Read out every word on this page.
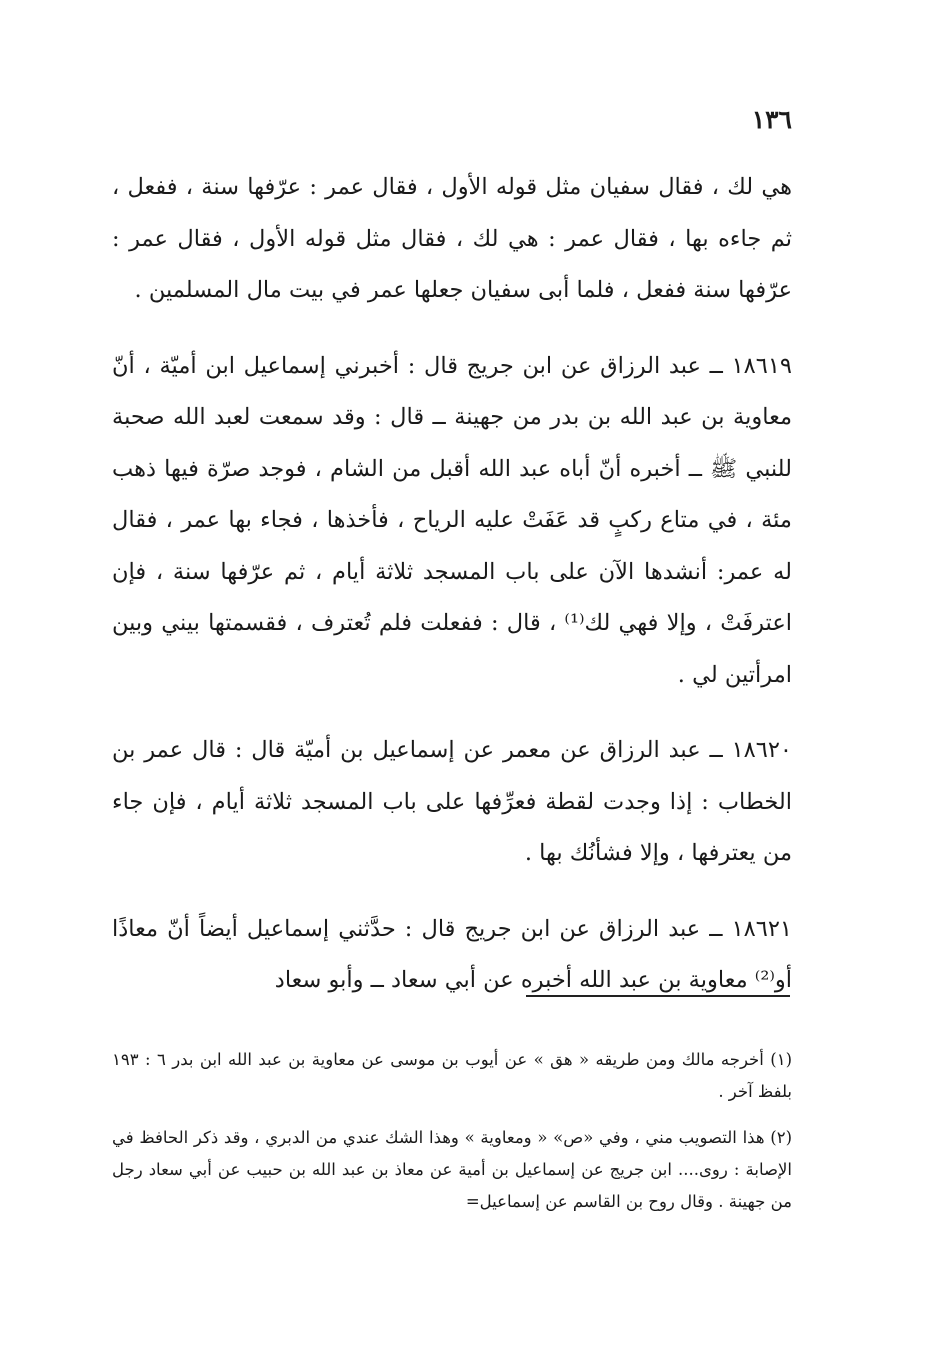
١٣٦

هي لك ، فقال سفيان مثل قوله الأول ، فقال عمر : عرّفها سنة ، ففعل ، ثم جاءه بها ، فقال عمر : هي لك ، فقال مثل قوله الأول ، فقال عمر : عرّفها سنة ففعل ، فلما أبى سفيان جعلها عمر في بيت مال المسلمين .

١٨٦١٩ ــ عبد الرزاق عن ابن جريج قال : أخبرني إسماعيل ابن أميّة ، أنّ معاوية بن عبد الله بن بدر من جهينة ــ قال : وقد سمعت لعبد الله صحبة للنبي ﷺ ــ أخبره أنّ أباه عبد الله أقبل من الشام ، فوجد صرّة فيها ذهب مئة ، في متاع ركبٍ قد عَفَتْ عليه الرياح ، فأخذها ، فجاء بها عمر ، فقال له عمر: أنشدها الآن على باب المسجد ثلاثة أيام ، ثم عرّفها سنة ، فإن اعترفَتْ ، وإلا فهي لك⁽¹⁾ ، قال : ففعلت فلم تُعترف ، فقسمتها بيني وبين امرأتين لي .

١٨٦٢٠ ــ عبد الرزاق عن معمر عن إسماعيل بن أميّة قال : قال عمر بن الخطاب : إذا وجدت لقطة فعرِّفها على باب المسجد ثلاثة أيام ، فإن جاء من يعترفها ، وإلا فشأنُك بها .

١٨٦٢١ ــ عبد الرزاق عن ابن جريج قال : حدَّثني إسماعيل أيضاً أنّ معاذًا أو⁽²⁾ معاوية بن عبد الله أخبره عن أبي سعاد ــ وأبو سعاد

(١) أخرجه مالك ومن طريقه « هق » عن أيوب بن موسى عن معاوية بن عبد الله ابن بدر ٦ : ١٩٣ بلفظ آخر .

(٢) هذا التصويب مني ، وفي «ص» « ومعاوية » وهذا الشك عندي من الدبري ، وقد ذكر الحافظ في الإصابة : روى.... ابن جريج عن إسماعيل بن أمية عن معاذ بن عبد الله بن حبيب عن أبي سعاد رجل من جهينة . وقال روح بن القاسم عن إسماعيل=
